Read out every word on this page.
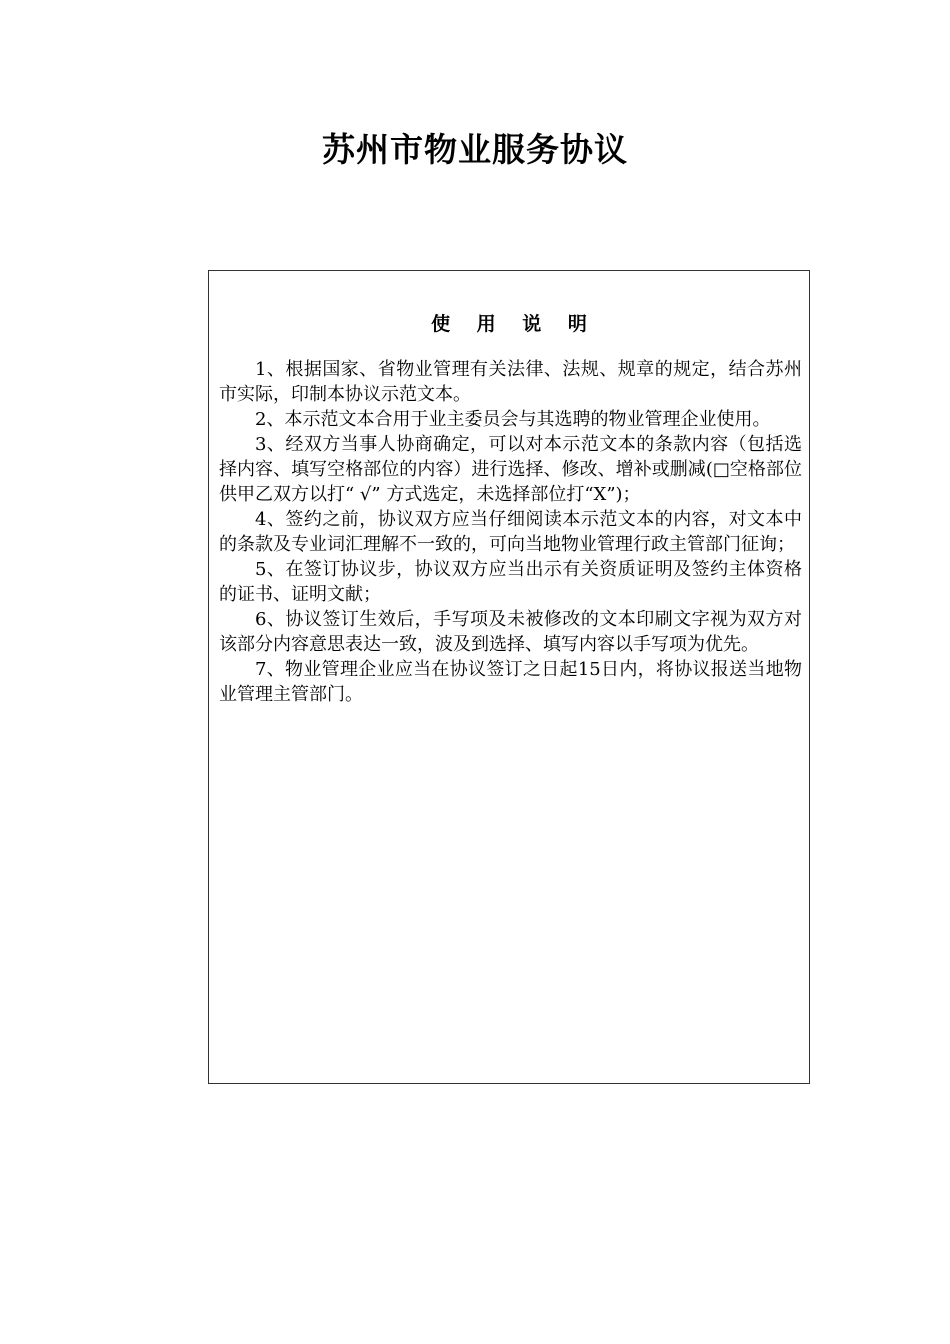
苏州市物业服务协议
使 用 说 明
1、根据国家、省物业管理有关法律、法规、规章的规定，结合苏州市实际，印制本协议示范文本。
2、本示范文本合用于业主委员会与其选聘的物业管理企业使用。
3、经双方当事人协商确定，可以对本示范文本的条款内容（包括选择内容、填写空格部位的内容）进行选择、修改、增补或删减(□空格部位供甲乙双方以打“ √” 方式选定，未选择部位打“X”)；
4、签约之前，协议双方应当仔细阅读本示范文本的内容，对文本中的条款及专业词汇理解不一致的，可向当地物业管理行政主管部门征询；
5、在签订协议步，协议双方应当出示有关资质证明及签约主体资格的证书、证明文献；
6、协议签订生效后，手写项及未被修改的文本印刷文字视为双方对该部分内容意思表达一致，波及到选择、填写内容以手写项为优先。
7、物业管理企业应当在协议签订之日起15日内，将协议报送当地物业管理主管部门。
